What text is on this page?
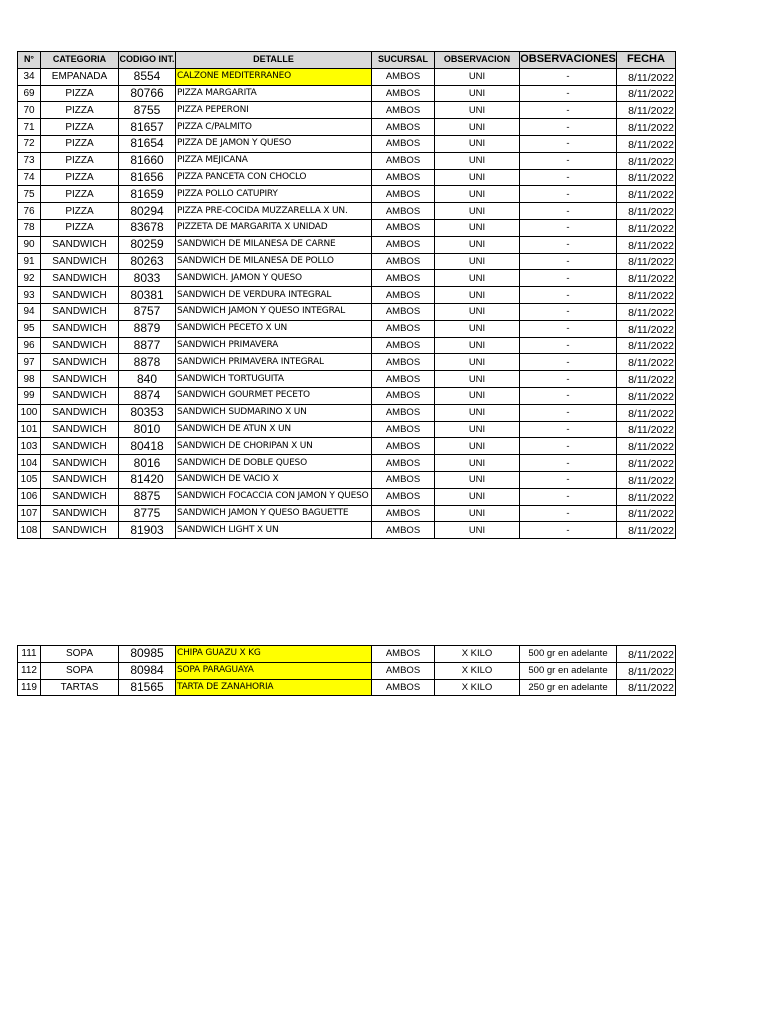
N°	CATEGORIA	CODIGO INT.	DETALLE	SUCURSAL	OBSERVACION	OBSERVACIONES	FECHA
34	EMPANADA	8554	CALZONE MEDITERRANEO	AMBOS	UNI	-	8/11/2022
69	PIZZA	80766	PIZZA MARGARITA	AMBOS	UNI	-	8/11/2022
70	PIZZA	8755	PIZZA PEPERONI	AMBOS	UNI	-	8/11/2022
71	PIZZA	81657	PIZZA C/PALMITO	AMBOS	UNI	-	8/11/2022
72	PIZZA	81654	PIZZA DE JAMON Y QUESO	AMBOS	UNI	-	8/11/2022
73	PIZZA	81660	PIZZA MEJICANA	AMBOS	UNI	-	8/11/2022
74	PIZZA	81656	PIZZA PANCETA CON CHOCLO	AMBOS	UNI	-	8/11/2022
75	PIZZA	81659	PIZZA POLLO CATUPIRY	AMBOS	UNI	-	8/11/2022
76	PIZZA	80294	PIZZA PRE-COCIDA MUZZARELLA X UN.	AMBOS	UNI	-	8/11/2022
78	PIZZA	83678	PIZZETA DE MARGARITA X UNIDAD	AMBOS	UNI	-	8/11/2022
90	SANDWICH	80259	SANDWICH DE MILANESA DE CARNE	AMBOS	UNI	-	8/11/2022
91	SANDWICH	80263	SANDWICH DE MILANESA DE POLLO	AMBOS	UNI	-	8/11/2022
92	SANDWICH	8033	SANDWICH. JAMON Y QUESO	AMBOS	UNI	-	8/11/2022
93	SANDWICH	80381	SANDWICH DE VERDURA INTEGRAL	AMBOS	UNI	-	8/11/2022
94	SANDWICH	8757	SANDWICH JAMON Y QUESO INTEGRAL	AMBOS	UNI	-	8/11/2022
95	SANDWICH	8879	SANDWICH PECETO X UN	AMBOS	UNI	-	8/11/2022
96	SANDWICH	8877	SANDWICH PRIMAVERA	AMBOS	UNI	-	8/11/2022
97	SANDWICH	8878	SANDWICH PRIMAVERA INTEGRAL	AMBOS	UNI	-	8/11/2022
98	SANDWICH	840	SANDWICH TORTUGUITA	AMBOS	UNI	-	8/11/2022
99	SANDWICH	8874	SANDWICH GOURMET PECETO	AMBOS	UNI	-	8/11/2022
100	SANDWICH	80353	SANDWICH SUDMARINO X UN	AMBOS	UNI	-	8/11/2022
101	SANDWICH	8010	SANDWICH DE ATUN X UN	AMBOS	UNI	-	8/11/2022
103	SANDWICH	80418	SANDWICH DE CHORIPAN X UN	AMBOS	UNI	-	8/11/2022
104	SANDWICH	8016	SANDWICH DE DOBLE QUESO	AMBOS	UNI	-	8/11/2022
105	SANDWICH	81420	SANDWICH DE VACIO X	AMBOS	UNI	-	8/11/2022
106	SANDWICH	8875	SANDWICH FOCACCIA CON JAMON Y QUESO	AMBOS	UNI	-	8/11/2022
107	SANDWICH	8775	SANDWICH JAMON Y QUESO BAGUETTE	AMBOS	UNI	-	8/11/2022
108	SANDWICH	81903	SANDWICH LIGHT X UN	AMBOS	UNI	-	8/11/2022
111	SOPA	80985	CHIPA GUAZU X KG	AMBOS	X KILO	500 gr en adelante	8/11/2022
112	SOPA	80984	SOPA PARAGUAYA	AMBOS	X KILO	500 gr en adelante	8/11/2022
119	TARTAS	81565	TARTA DE ZANAHORIA	AMBOS	X KILO	250 gr en adelante	8/11/2022
